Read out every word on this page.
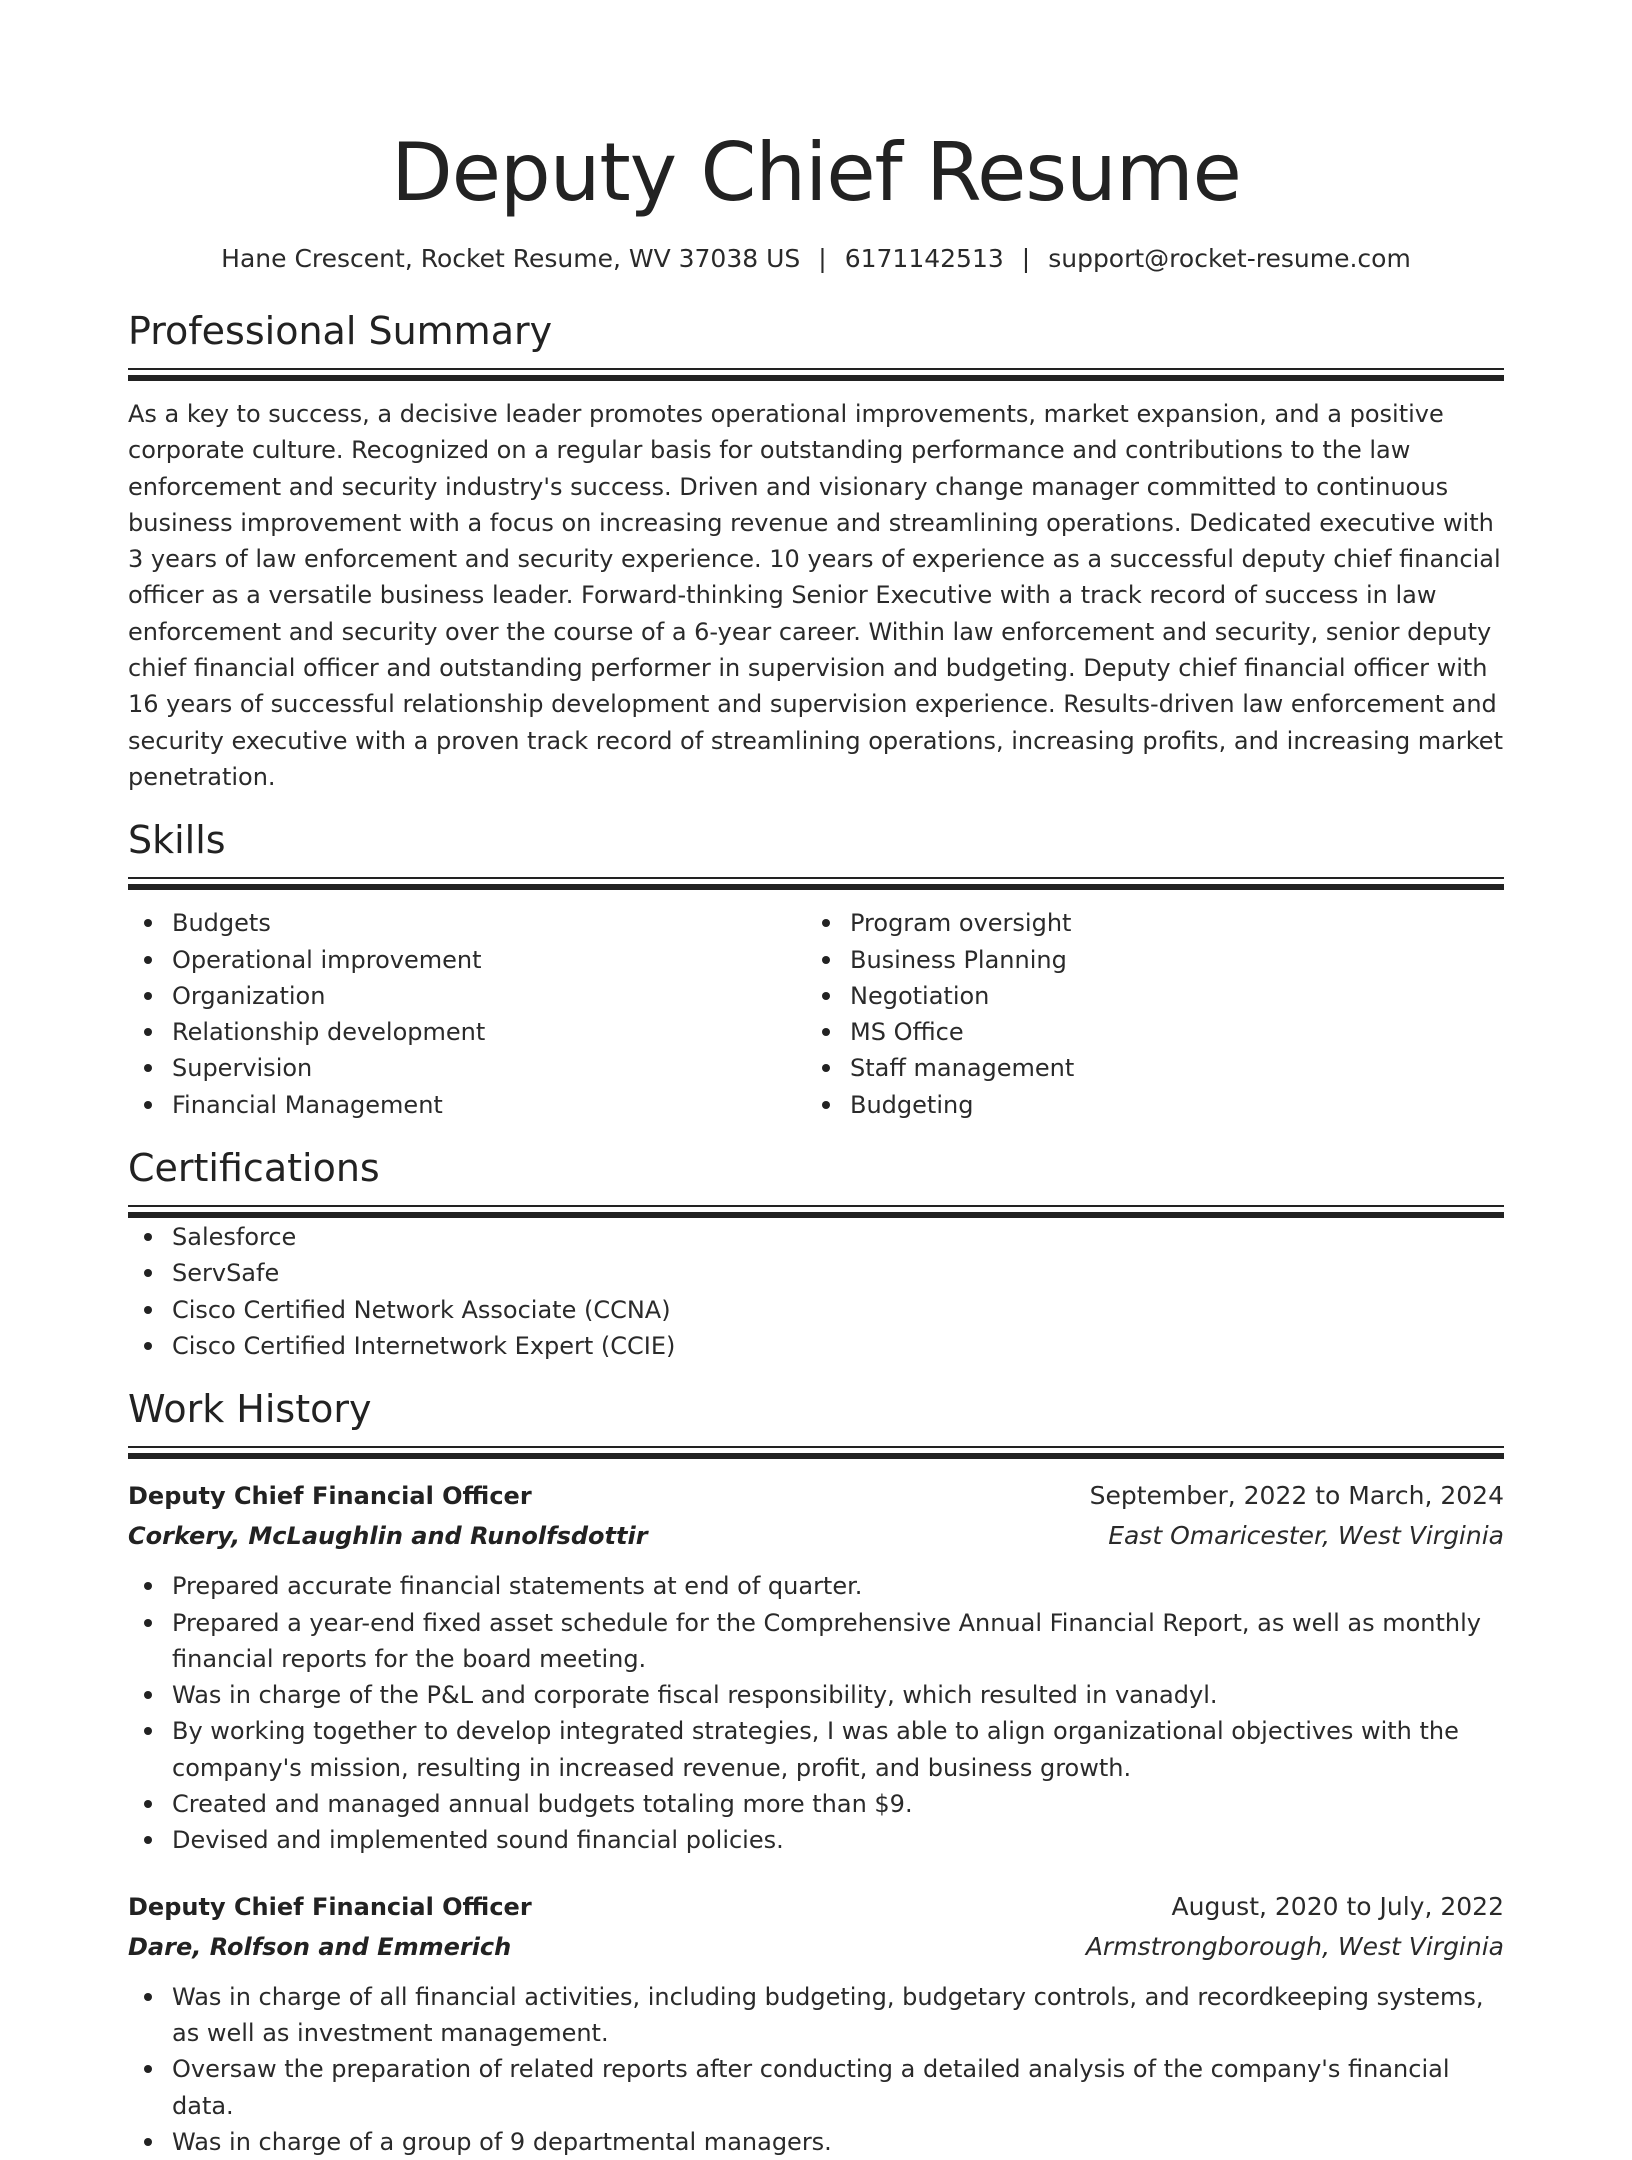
Deputy Chief Resume
Hane Crescent, Rocket Resume, WV 37038 US | 6171142513 | support@rocket-resume.com
Professional Summary
As a key to success, a decisive leader promotes operational improvements, market expansion, and a positive corporate culture. Recognized on a regular basis for outstanding performance and contributions to the law enforcement and security industry's success. Driven and visionary change manager committed to continuous business improvement with a focus on increasing revenue and streamlining operations. Dedicated executive with 3 years of law enforcement and security experience. 10 years of experience as a successful deputy chief financial officer as a versatile business leader. Forward-thinking Senior Executive with a track record of success in law enforcement and security over the course of a 6-year career. Within law enforcement and security, senior deputy chief financial officer and outstanding performer in supervision and budgeting. Deputy chief financial officer with 16 years of successful relationship development and supervision experience. Results-driven law enforcement and security executive with a proven track record of streamlining operations, increasing profits, and increasing market penetration.
Skills
Budgets
Operational improvement
Organization
Relationship development
Supervision
Financial Management
Program oversight
Business Planning
Negotiation
MS Office
Staff management
Budgeting
Certifications
Salesforce
ServSafe
Cisco Certified Network Associate (CCNA)
Cisco Certified Internetwork Expert (CCIE)
Work History
Deputy Chief Financial Officer	September, 2022 to March, 2024
Corkery, McLaughlin and Runolfsdottir	East Omaricester, West Virginia
Prepared accurate financial statements at end of quarter.
Prepared a year-end fixed asset schedule for the Comprehensive Annual Financial Report, as well as monthly financial reports for the board meeting.
Was in charge of the P&L and corporate fiscal responsibility, which resulted in vanadyl.
By working together to develop integrated strategies, I was able to align organizational objectives with the company's mission, resulting in increased revenue, profit, and business growth.
Created and managed annual budgets totaling more than $9.
Devised and implemented sound financial policies.
Deputy Chief Financial Officer	August, 2020 to July, 2022
Dare, Rolfson and Emmerich	Armstrongborough, West Virginia
Was in charge of all financial activities, including budgeting, budgetary controls, and recordkeeping systems, as well as investment management.
Oversaw the preparation of related reports after conducting a detailed analysis of the company's financial data.
Was in charge of a group of 9 departmental managers.
